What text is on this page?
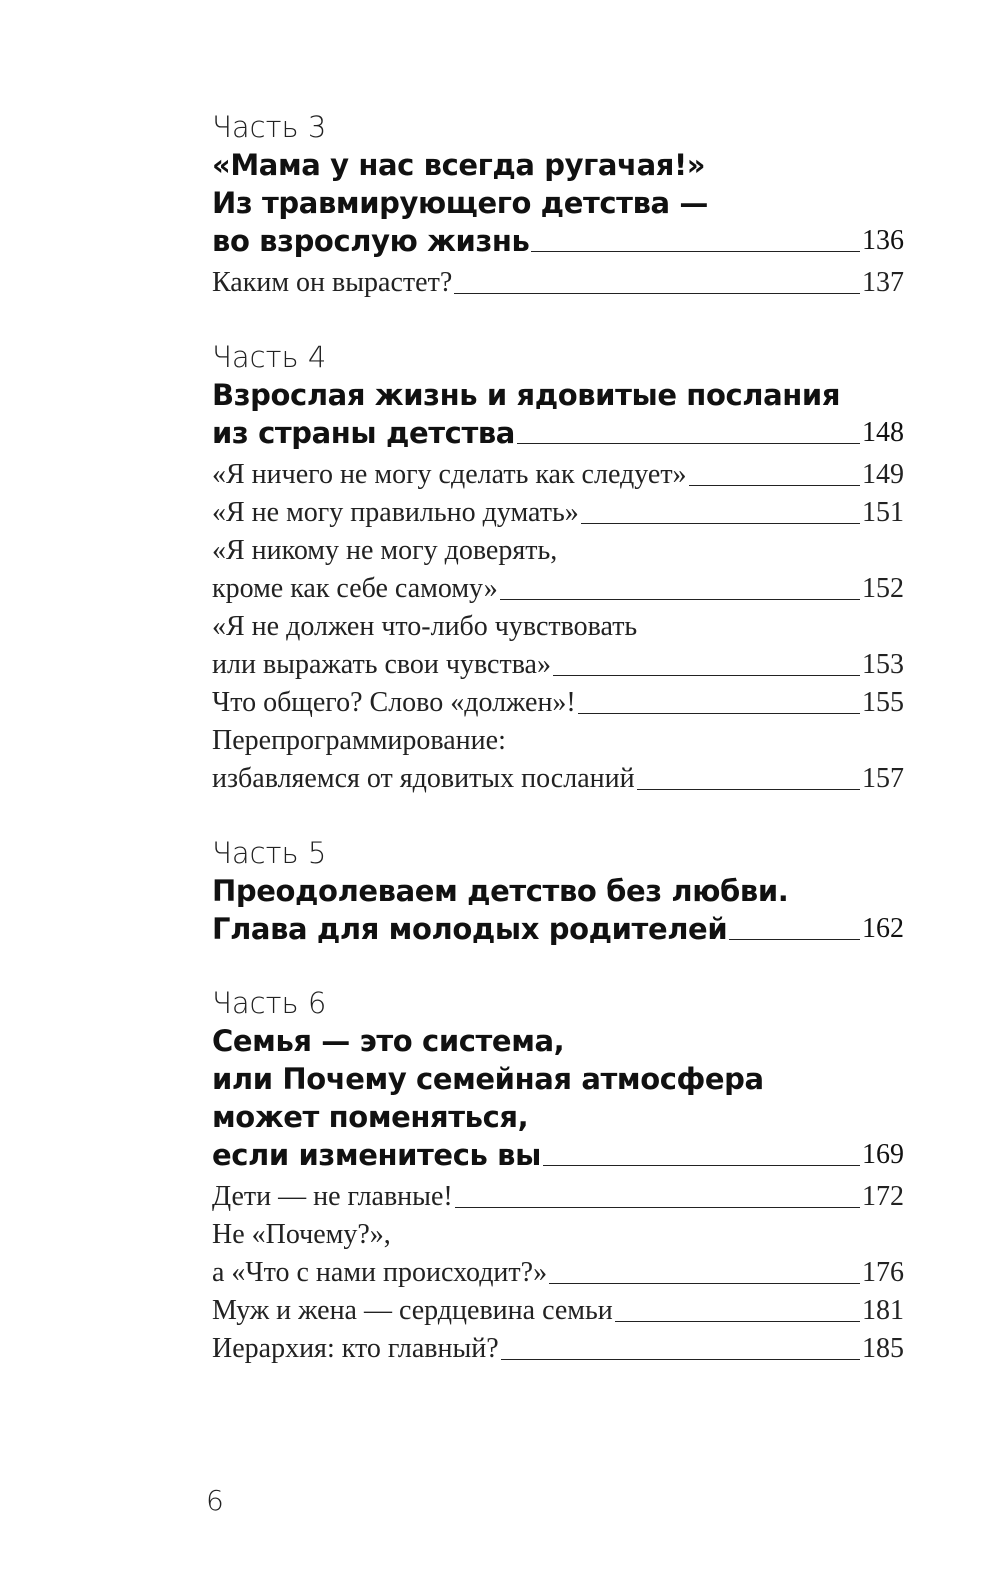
Часть 3
«Мама у нас всегда ругачая!»
Из травмирующего детства —
во взрослую жизнь	136
Каким он вырастет?	137
Часть 4
Взрослая жизнь и ядовитые послания
из страны детства	148
«Я ничего не могу сделать как следует»	149
«Я не могу правильно думать»	151
«Я никому не могу доверять,
кроме как себе самому»	152
«Я не должен что-либо чувствовать
или выражать свои чувства»	153
Что общего? Слово «должен»!	155
Перепрограммирование:
избавляемся от ядовитых посланий	157
Часть 5
Преодолеваем детство без любви.
Глава для молодых родителей	162
Часть 6
Семья — это система,
или Почему семейная атмосфера
может поменяться,
если изменитесь вы	169
Дети — не главные!	172
Не «Почему?»,
а «Что с нами происходит?»	176
Муж и жена — сердцевина семьи	181
Иерархия: кто главный?	185
6
